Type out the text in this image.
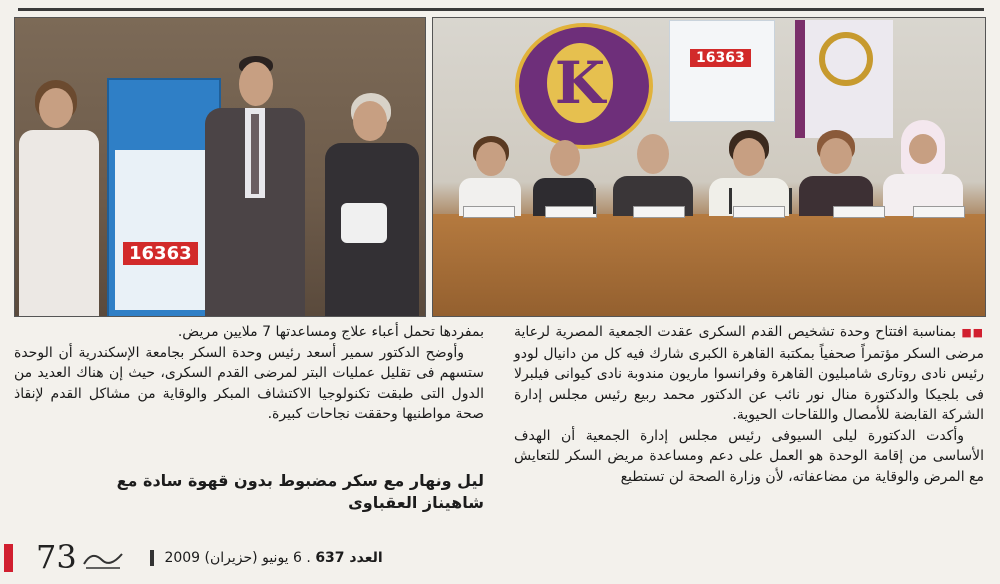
16363
K	16363

■■ بمناسبة افتتاح وحدة تشخيص القدم السكرى عقدت الجمعية المصرية لرعاية مرضى السكر مؤتمراً صحفياً بمكتبة القاهرة الكبرى شارك فيه كل من دانيال لودو رئيس نادى روتارى شامبليون القاهرة وفرانسوا ماريون مندوبة نادى كيوانى فيلبرلا فى بلجيكا والدكتورة منال نور نائب عن الدكتور محمد ربيع رئيس مجلس إدارة الشركة القابضة للأمصال واللقاحات الحيوية.

وأكدت الدكتورة ليلى السيوفى رئيس مجلس إدارة الجمعية أن الهدف الأساسى من إقامة الوحدة هو العمل على دعم ومساعدة مريض السكر للتعايش مع المرض والوقاية من مضاعفاته، لأن وزارة الصحة لن تستطيع

بمفردها تحمل أعباء علاج ومساعدتها 7 ملايين مريض.

وأوضح الدكتور سمير أسعد رئيس وحدة السكر بجامعة الإسكندرية أن الوحدة ستسهم فى تقليل عمليات البتر لمرضى القدم السكرى، حيث إن هناك العديد من الدول التى طبقت تكنولوجيا الاكتشاف المبكر والوقاية من مشاكل القدم لإنقاذ صحة مواطنيها وحققت نجاحات كبيرة.

ليل ونهار مع سكر مضبوط بدون قهوة سادة مع
شاهيناز العقباوى
73	العدد 637 . 6 يونيو (حزيران) 2009
